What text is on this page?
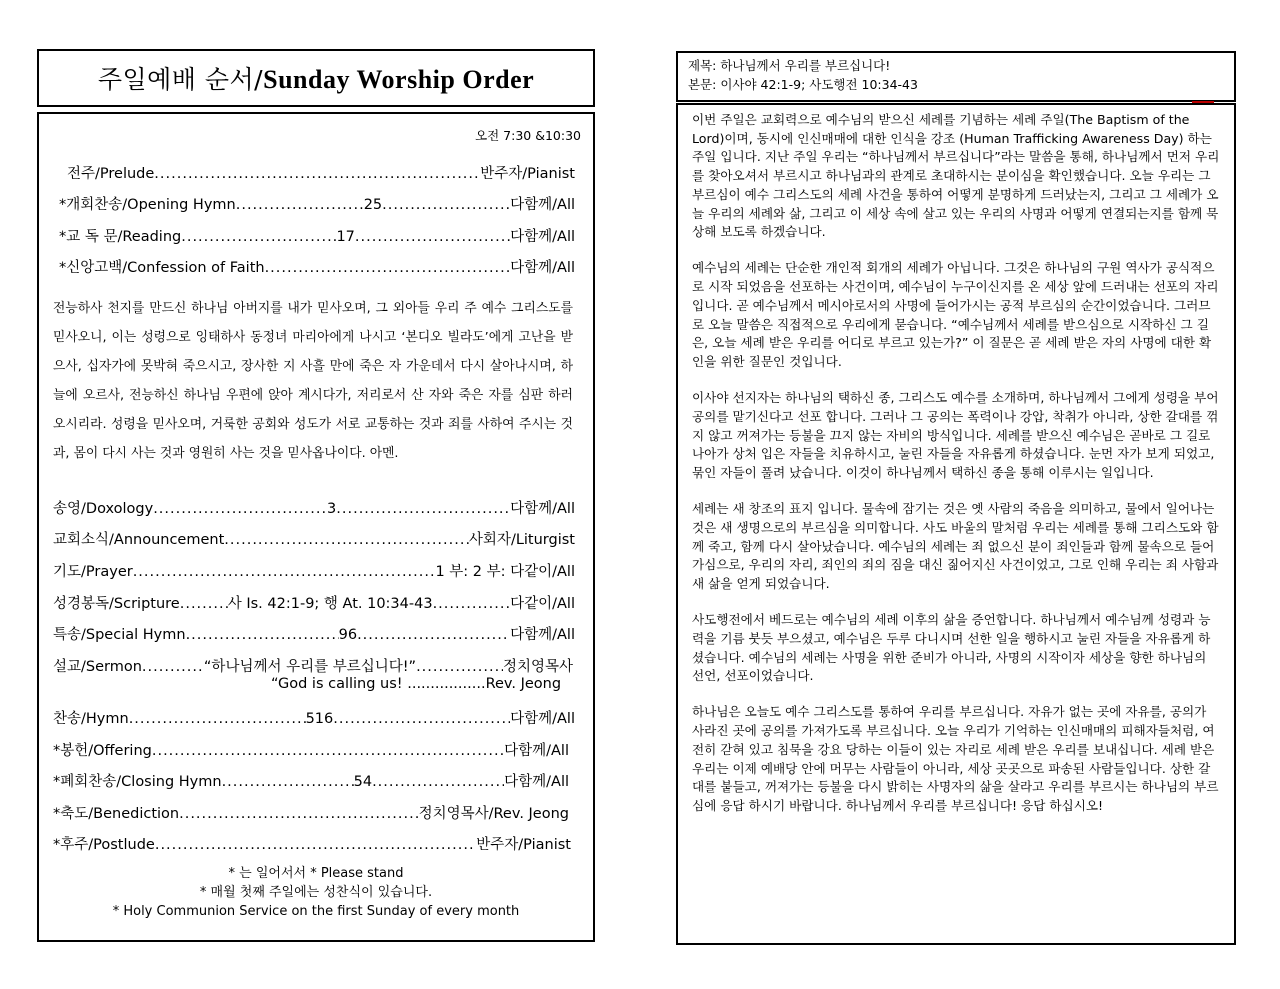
주일예배 순서/Sunday Worship Order
오전 7:30 &10:30
전주/Prelude .....	반주자/Pianist
*개회찬송/Opening Hymn .....	25 .....	다함께/All
*교 독 문/Reading .....	17 .....	다함께/All
*신앙고백/Confession of Faith .....	다함께/All
전능하사 천지를 만드신 하나님 아버지를 내가 믿사오며, 그 외아들 우리 주 예수 그리스도를 믿사오니, 이는 성령으로 잉태하사 동정녀 마리아에게 나시고 ‘본디오 빌라도’에게 고난을 받으사, 십자가에 못박혀 죽으시고, 장사한 지 사흘 만에 죽은 자 가운데서 다시 살아나시며, 하늘에 오르사, 전능하신 하나님 우편에 앉아 계시다가, 저리로서 산 자와 죽은 자를 심판 하러 오시리라. 성령을 믿사오며, 거룩한 공회와 성도가 서로 교통하는 것과 죄를 사하여 주시는 것과, 몸이 다시 사는 것과 영원히 사는 것을 믿사옵나이다. 아멘.
송영/Doxology .....	3 .....	다함께/All
교회소식/Announcement .....	사회자/Liturgist
기도/Prayer .....	1 부: 2 부: 다같이/All
성경봉독/Scripture .....	사 Is. 42:1-9; 행 At. 10:34-43 .....	다같이/All
특송/Special Hymn .....	96 .....	다함께/All
설교/Sermon .....	“하나님께서 우리를 부르십니다!” .....	정치영목사
“God is calling us! .................Rev. Jeong
찬송/Hymn .....	516 .....	다함께/All
*봉헌/Offering .....	다함께/All
*폐회찬송/Closing Hymn .....	54 .....	다함께/All
*축도/Benediction .....	정치영목사/Rev. Jeong
*후주/Postlude .....	반주자/Pianist
* 는 일어서서 * Please stand
* 매월 첫째 주일에는 성찬식이 있습니다.
* Holy Communion Service on the first Sunday of every month
제목: 하나님께서 우리를 부르십니다!
본문: 이사야 42:1-9; 사도행전 10:34-43

이번 주일은 교회력으로 예수님의 받으신 세례를 기념하는 세례 주일(The Baptism of the Lord)이며, 동시에 인신매매에 대한 인식을 강조 (Human Trafficking Awareness Day) 하는 주일 입니다. 지난 주일 우리는 “하나님께서 부르십니다”라는 말씀을 통해, 하나님께서 먼저 우리를 찾아오셔서 부르시고 하나님과의 관계로 초대하시는 분이심을 확인했습니다. 오늘 우리는 그 부르심이 예수 그리스도의 세례 사건을 통하여 어떻게 분명하게 드러났는지, 그리고 그 세례가 오늘 우리의 세례와 삶, 그리고 이 세상 속에 살고 있는 우리의 사명과 어떻게 연결되는지를 함께 묵상해 보도록 하겠습니다.

예수님의 세례는 단순한 개인적 회개의 세례가 아닙니다. 그것은 하나님의 구원 역사가 공식적으로 시작 되었음을 선포하는 사건이며, 예수님이 누구이신지를 온 세상 앞에 드러내는 선포의 자리 입니다. 곧 예수님께서 메시아로서의 사명에 들어가시는 공적 부르심의 순간이었습니다. 그러므로 오늘 말씀은 직접적으로 우리에게 묻습니다. “예수님께서 세례를 받으심으로 시작하신 그 길은, 오늘 세례 받은 우리를 어디로 부르고 있는가?” 이 질문은 곧 세례 받은 자의 사명에 대한 확인을 위한 질문인 것입니다.

이사야 선지자는 하나님의 택하신 종, 그리스도 예수를 소개하며, 하나님께서 그에게 성령을 부어 공의를 맡기신다고 선포 합니다. 그러나 그 공의는 폭력이나 강압, 착취가 아니라, 상한 갈대를 꺾지 않고 꺼져가는 등불을 끄지 않는 자비의 방식입니다. 세례를 받으신 예수님은 곧바로 그 길로 나아가 상처 입은 자들을 치유하시고, 눌린 자들을 자유롭게 하셨습니다. 눈먼 자가 보게 되었고, 묶인 자들이 풀려 났습니다. 이것이 하나님께서 택하신 종을 통해 이루시는 일입니다.

세례는 새 창조의 표지 입니다. 물속에 잠기는 것은 옛 사람의 죽음을 의미하고, 물에서 일어나는 것은 새 생명으로의 부르심을 의미합니다. 사도 바울의 말처럼 우리는 세례를 통해 그리스도와 함께 죽고, 함께 다시 살아났습니다. 예수님의 세례는 죄 없으신 분이 죄인들과 함께 물속으로 들어가심으로, 우리의 자리, 죄인의 죄의 짐을 대신 짊어지신 사건이었고, 그로 인해 우리는 죄 사함과 새 삶을 얻게 되었습니다.

사도행전에서 베드로는 예수님의 세례 이후의 삶을 증언합니다. 하나님께서 예수님께 성령과 능력을 기름 붓듯 부으셨고, 예수님은 두루 다니시며 선한 일을 행하시고 눌린 자들을 자유롭게 하셨습니다. 예수님의 세례는 사명을 위한 준비가 아니라, 사명의 시작이자 세상을 향한 하나님의 선언, 선포이었습니다.

하나님은 오늘도 예수 그리스도를 통하여 우리를 부르십니다. 자유가 없는 곳에 자유를, 공의가 사라진 곳에 공의를 가져가도록 부르십니다. 오늘 우리가 기억하는 인신매매의 피해자들처럼, 여전히 갇혀 있고 침묵을 강요 당하는 이들이 있는 자리로 세례 받은 우리를 보내십니다. 세례 받은 우리는 이제 예배당 안에 머무는 사람들이 아니라, 세상 곳곳으로 파송된 사람들입니다. 상한 갈대를 붙들고, 꺼져가는 등불을 다시 밝히는 사명자의 삶을 살라고 우리를 부르시는 하나님의 부르심에 응답 하시기 바랍니다. 하나님께서 우리를 부르십니다! 응답 하십시오!
